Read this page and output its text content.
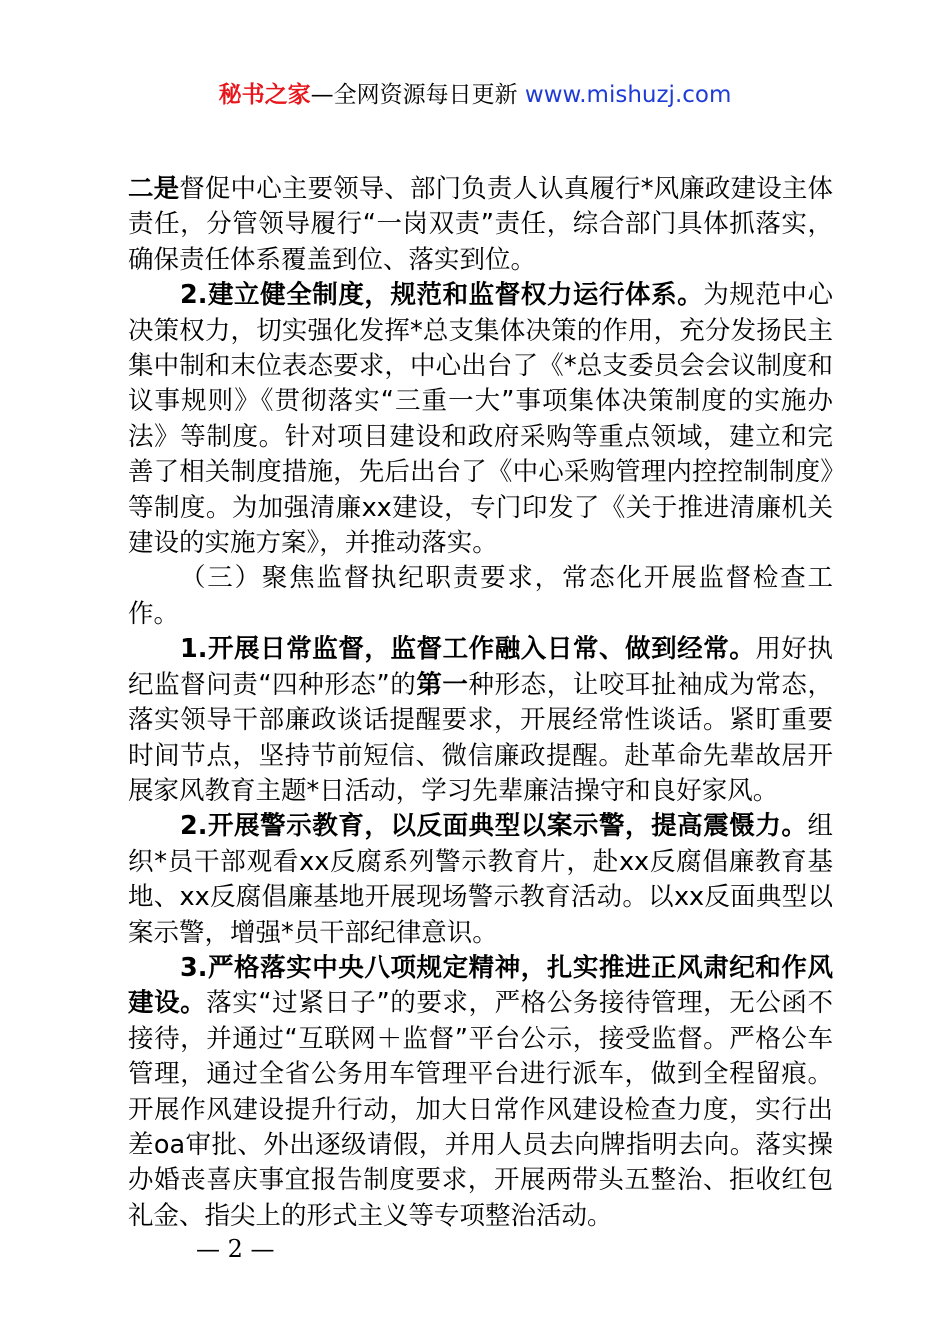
秘书之家—全网资源每日更新 www.mishuzj.com

二是督促中心主要领导、部门负责人认真履行*风廉政建设主体责任，分管领导履行“一岗双责”责任，综合部门具体抓落实，确保责任体系覆盖到位、落实到位。

2.建立健全制度，规范和监督权力运行体系。为规范中心决策权力，切实强化发挥*总支集体决策的作用，充分发扬民主集中制和末位表态要求，中心出台了《*总支委员会会议制度和议事规则》《贯彻落实“三重一大”事项集体决策制度的实施办法》等制度。针对项目建设和政府采购等重点领域，建立和完善了相关制度措施，先后出台了《中心采购管理内控控制制度》等制度。为加强清廉xx建设，专门印发了《关于推进清廉机关建设的实施方案》，并推动落实。

（三）聚焦监督执纪职责要求，常态化开展监督检查工作。

1.开展日常监督，监督工作融入日常、做到经常。用好执纪监督问责“四种形态”的第一种形态，让咬耳扯袖成为常态，落实领导干部廉政谈话提醒要求，开展经常性谈话。紧盯重要时间节点，坚持节前短信、微信廉政提醒。赴革命先辈故居开展家风教育主题*日活动，学习先辈廉洁操守和良好家风。

2.开展警示教育，以反面典型以案示警，提高震慑力。组织*员干部观看xx反腐系列警示教育片，赴xx反腐倡廉教育基地、xx反腐倡廉基地开展现场警示教育活动。以xx反面典型以案示警，增强*员干部纪律意识。

3.严格落实中央八项规定精神，扎实推进正风肃纪和作风建设。落实“过紧日子”的要求，严格公务接待管理，无公函不接待，并通过“互联网＋监督”平台公示，接受监督。严格公车管理，通过全省公务用车管理平台进行派车，做到全程留痕。开展作风建设提升行动，加大日常作风建设检查力度，实行出差oa审批、外出逐级请假，并用人员去向牌指明去向。落实操办婚丧喜庆事宜报告制度要求，开展两带头五整治、拒收红包礼金、指尖上的形式主义等专项整治活动。

— 2 —
